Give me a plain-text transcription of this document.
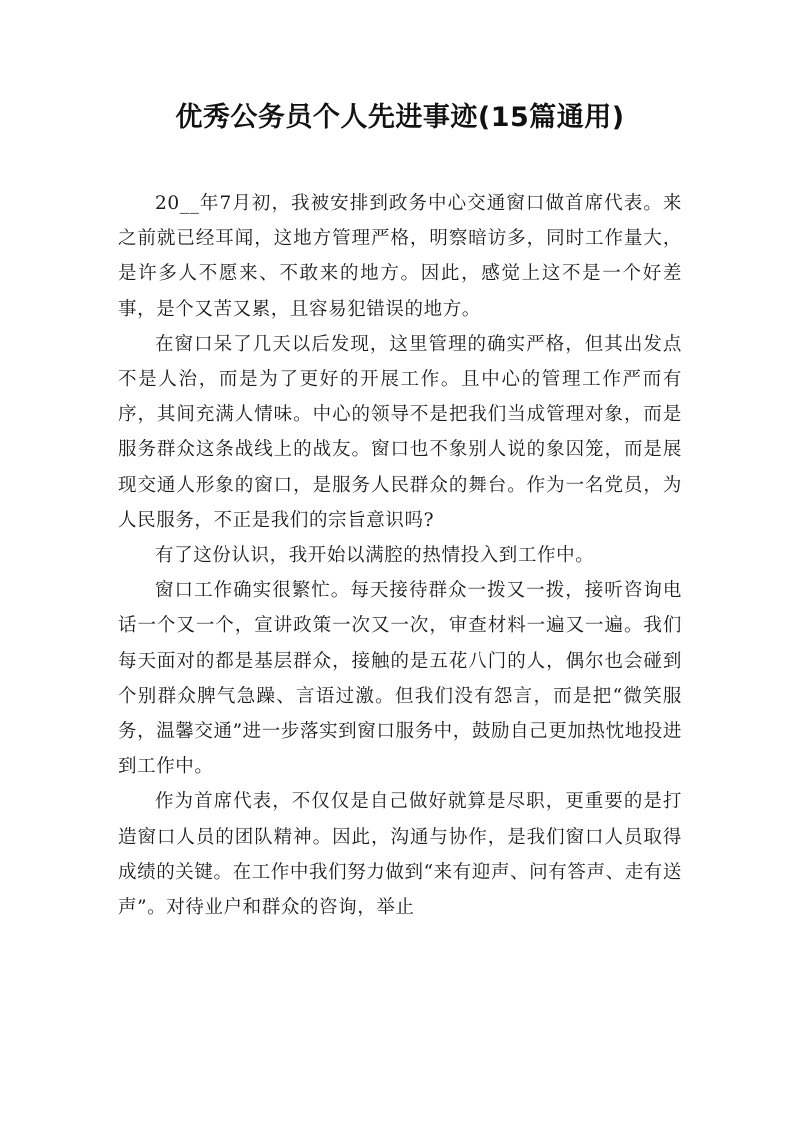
优秀公务员个人先进事迹(15篇通用)

20__年7月初，我被安排到政务中心交通窗口做首席代表。来之前就已经耳闻，这地方管理严格，明察暗访多，同时工作量大，是许多人不愿来、不敢来的地方。因此，感觉上这不是一个好差事，是个又苦又累，且容易犯错误的地方。

在窗口呆了几天以后发现，这里管理的确实严格，但其出发点不是人治，而是为了更好的开展工作。且中心的管理工作严而有序，其间充满人情味。中心的领导不是把我们当成管理对象，而是服务群众这条战线上的战友。窗口也不象别人说的象囚笼，而是展现交通人形象的窗口，是服务人民群众的舞台。作为一名党员，为人民服务，不正是我们的宗旨意识吗?

有了这份认识，我开始以满腔的热情投入到工作中。

窗口工作确实很繁忙。每天接待群众一拨又一拨，接听咨询电话一个又一个，宣讲政策一次又一次，审查材料一遍又一遍。我们每天面对的都是基层群众，接触的是五花八门的人，偶尔也会碰到个别群众脾气急躁、言语过激。但我们没有怨言，而是把“微笑服务，温馨交通”进一步落实到窗口服务中，鼓励自己更加热忱地投进到工作中。

作为首席代表，不仅仅是自己做好就算是尽职，更重要的是打造窗口人员的团队精神。因此，沟通与协作，是我们窗口人员取得成绩的关键。在工作中我们努力做到“来有迎声、问有答声、走有送声”。对待业户和群众的咨询，举止
